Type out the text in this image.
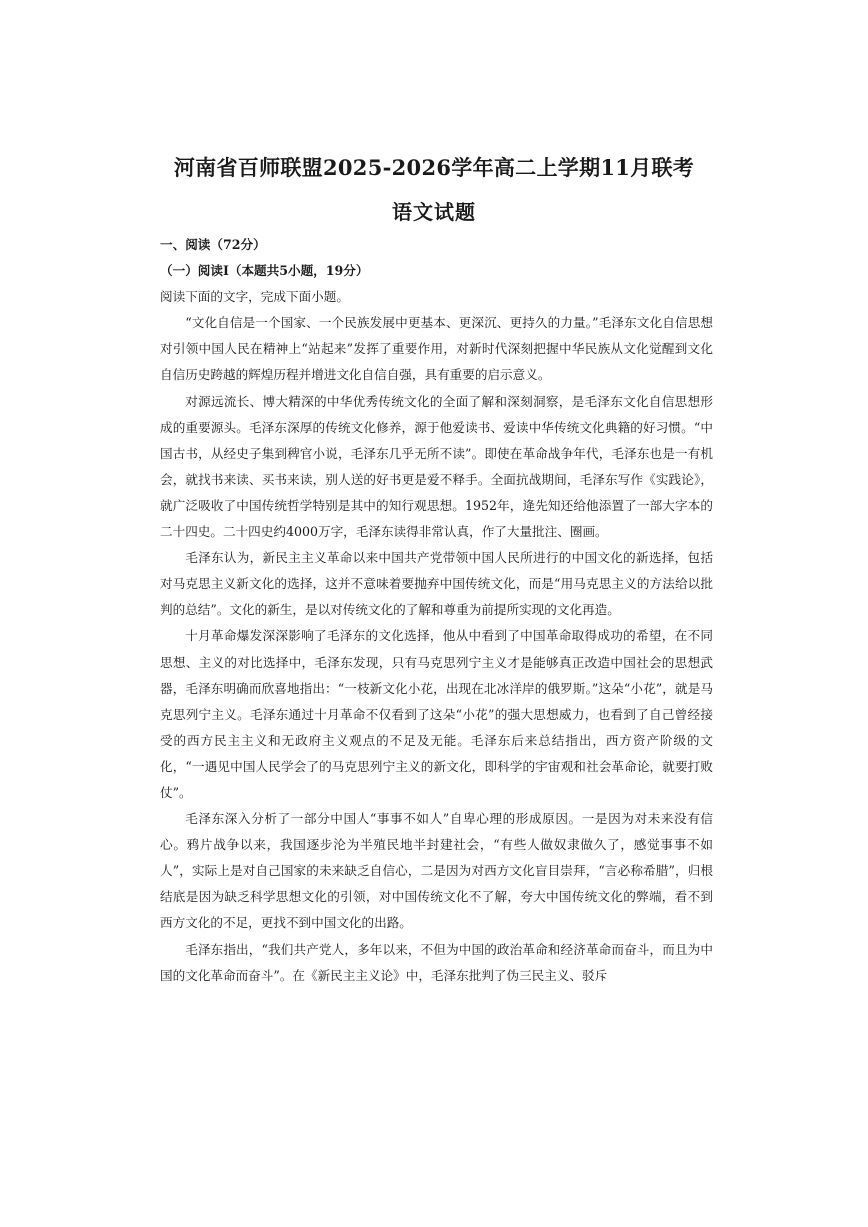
河南省百师联盟2025-2026学年高二上学期11月联考
语文试题

一、阅读（72分）

（一）阅读I（本题共5小题，19分）

阅读下面的文字，完成下面小题。

“文化自信是一个国家、一个民族发展中更基本、更深沉、更持久的力量。”毛泽东文化自信思想对引领中国人民在精神上“站起来”发挥了重要作用，对新时代深刻把握中华民族从文化觉醒到文化自信历史跨越的辉煌历程并增进文化自信自强，具有重要的启示意义。

对源远流长、博大精深的中华优秀传统文化的全面了解和深刻洞察，是毛泽东文化自信思想形成的重要源头。毛泽东深厚的传统文化修养，源于他爱读书、爱读中华传统文化典籍的好习惯。“中国古书，从经史子集到稗官小说，毛泽东几乎无所不读”。即使在革命战争年代，毛泽东也是一有机会，就找书来读、买书来读，别人送的好书更是爱不释手。全面抗战期间，毛泽东写作《实践论》，就广泛吸收了中国传统哲学特别是其中的知行观思想。1952年，逄先知还给他添置了一部大字本的二十四史。二十四史约4000万字，毛泽东读得非常认真，作了大量批注、圈画。

毛泽东认为，新民主主义革命以来中国共产党带领中国人民所进行的中国文化的新选择，包括对马克思主义新文化的选择，这并不意味着要抛弃中国传统文化，而是“用马克思主义的方法给以批判的总结”。文化的新生，是以对传统文化的了解和尊重为前提所实现的文化再造。

十月革命爆发深深影响了毛泽东的文化选择，他从中看到了中国革命取得成功的希望，在不同思想、主义的对比选择中，毛泽东发现，只有马克思列宁主义才是能够真正改造中国社会的思想武器，毛泽东明确而欣喜地指出：“一枝新文化小花，出现在北冰洋岸的俄罗斯。”这朵“小花”，就是马克思列宁主义。毛泽东通过十月革命不仅看到了这朵“小花”的强大思想威力，也看到了自己曾经接受的西方民主主义和无政府主义观点的不足及无能。毛泽东后来总结指出，西方资产阶级的文化，“一遇见中国人民学会了的马克思列宁主义的新文化，即科学的宇宙观和社会革命论，就要打败仗”。

毛泽东深入分析了一部分中国人“事事不如人”自卑心理的形成原因。一是因为对未来没有信心。鸦片战争以来，我国逐步沦为半殖民地半封建社会，“有些人做奴隶做久了，感觉事事不如人”，实际上是对自己国家的未来缺乏自信心，二是因为对西方文化盲目崇拜，“言必称希腊”，归根结底是因为缺乏科学思想文化的引领，对中国传统文化不了解，夸大中国传统文化的弊端，看不到西方文化的不足，更找不到中国文化的出路。

毛泽东指出，“我们共产党人，多年以来，不但为中国的政治革命和经济革命而奋斗，而且为中国的文化革命而奋斗”。在《新民主主义论》中，毛泽东批判了伪三民主义、驳斥
